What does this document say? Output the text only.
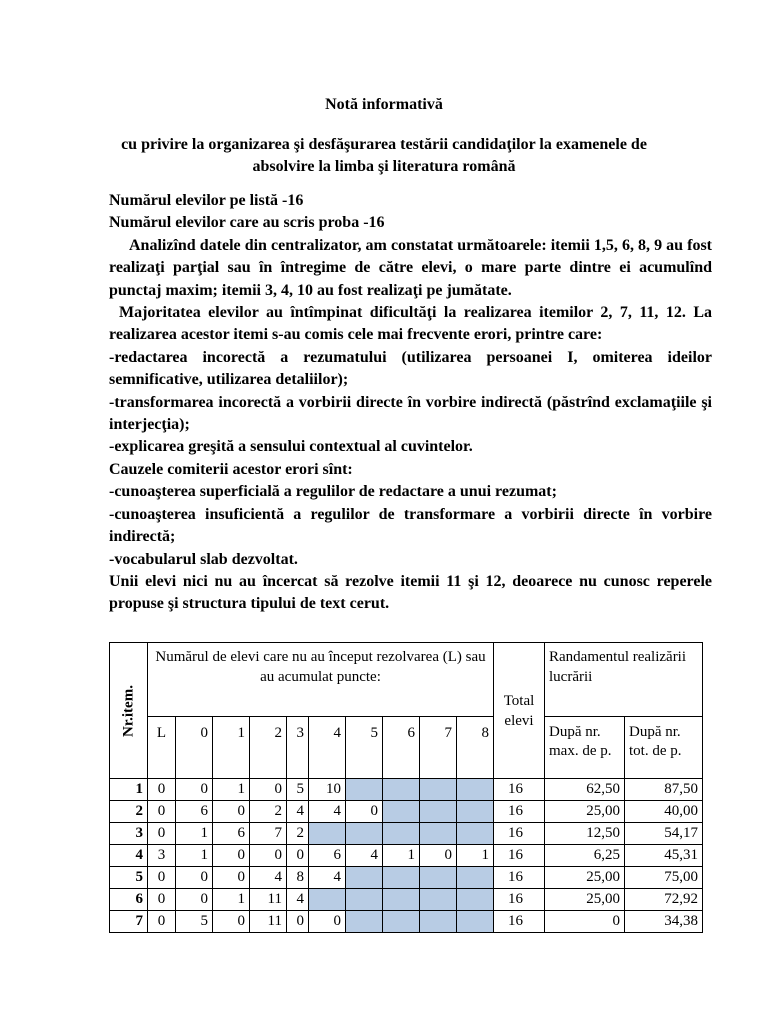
Notă informativă
cu privire la organizarea şi desfăşurarea testării candidaţilor la examenele de
absolvire la limba şi literatura română

Numărul elevilor pe listă -16

Numărul elevilor care au scris proba -16

Analizînd datele din centralizator, am constatat următoarele: itemii 1,5, 6, 8, 9 au fost realizaţi parţial sau în întregime de către elevi, o mare parte dintre ei acumulînd punctaj maxim; itemii 3, 4, 10 au fost realizaţi pe jumătate.

Majoritatea elevilor au întîmpinat dificultăţi la realizarea itemilor 2, 7, 11, 12. La realizarea acestor itemi s-au comis cele mai frecvente erori, printre care:

-redactarea incorectă a rezumatului (utilizarea persoanei I, omiterea ideilor semnificative, utilizarea detaliilor);

-transformarea incorectă a vorbirii directe în vorbire indirectă (păstrînd exclamaţiile şi interjecţia);

-explicarea greşită a sensului contextual al cuvintelor.

Cauzele comiterii acestor erori sînt:

-cunoaşterea superficială a regulilor de redactare a unui rezumat;

-cunoaşterea insuficientă a regulilor de transformare a vorbirii directe în vorbire indirectă;

-vocabularul slab dezvoltat.

Unii elevi nici nu au încercat să rezolve itemii 11 şi 12, deoarece nu cunosc reperele propuse şi structura tipului de text cerut.

Nr.item.	Numărul de elevi care nu au început rezolvarea (L) sau au acumulat puncte:										Total elevi	Randamentul realizării lucrării	
	L	0	1	2	3	4	5	6	7	8		După nr. max. de p.	După nr. tot. de p.
1	0	0	1	0	5	10					16	62,50	87,50
2	0	6	0	2	4	4	0				16	25,00	40,00
3	0	1	6	7	2						16	12,50	54,17
4	3	1	0	0	0	6	4	1	0	1	16	6,25	45,31
5	0	0	0	4	8	4					16	25,00	75,00
6	0	0	1	11	4						16	25,00	72,92
7	0	5	0	11	0	0					16	0	34,38
